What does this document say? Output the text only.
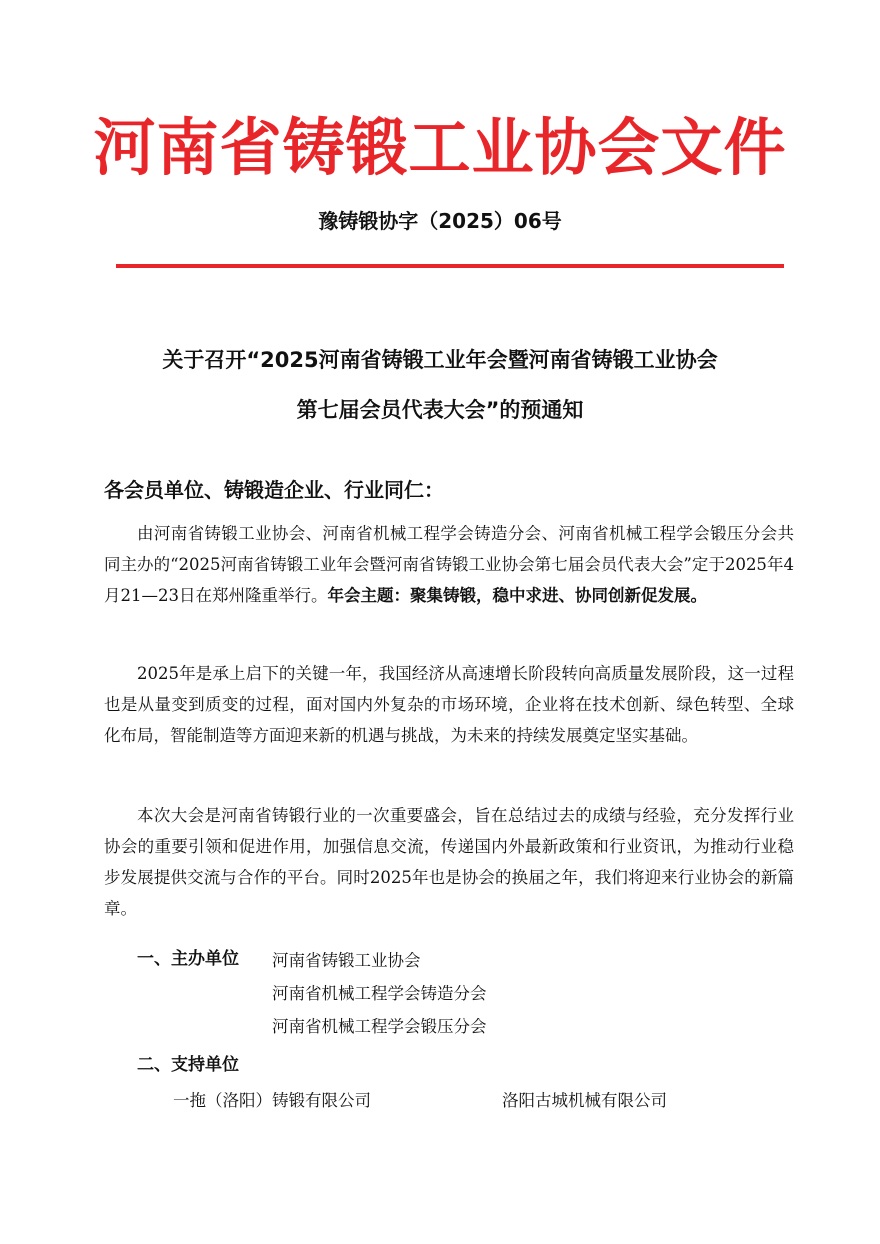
河南省铸锻工业协会文件
豫铸锻协字（2025）06号
关于召开“2025河南省铸锻工业年会暨河南省铸锻工业协会
第七届会员代表大会”的预通知
各会员单位、铸锻造企业、行业同仁：
由河南省铸锻工业协会、河南省机械工程学会铸造分会、河南省机械工程学会锻压分会共同主办的“2025河南省铸锻工业年会暨河南省铸锻工业协会第七届会员代表大会”定于2025年4月21—23日在郑州隆重举行。年会主题：聚集铸锻，稳中求进、协同创新促发展。
2025年是承上启下的关键一年，我国经济从高速增长阶段转向高质量发展阶段，这一过程也是从量变到质变的过程，面对国内外复杂的市场环境，企业将在技术创新、绿色转型、全球化布局，智能制造等方面迎来新的机遇与挑战，为未来的持续发展奠定坚实基础。
本次大会是河南省铸锻行业的一次重要盛会，旨在总结过去的成绩与经验，充分发挥行业协会的重要引领和促进作用，加强信息交流，传递国内外最新政策和行业资讯，为推动行业稳步发展提供交流与合作的平台。同时2025年也是协会的换届之年，我们将迎来行业协会的新篇章。
一、主办单位 河南省铸锻工业协会
河南省机械工程学会铸造分会
河南省机械工程学会锻压分会
二、支持单位
一拖（洛阳）铸锻有限公司	洛阳古城机械有限公司
